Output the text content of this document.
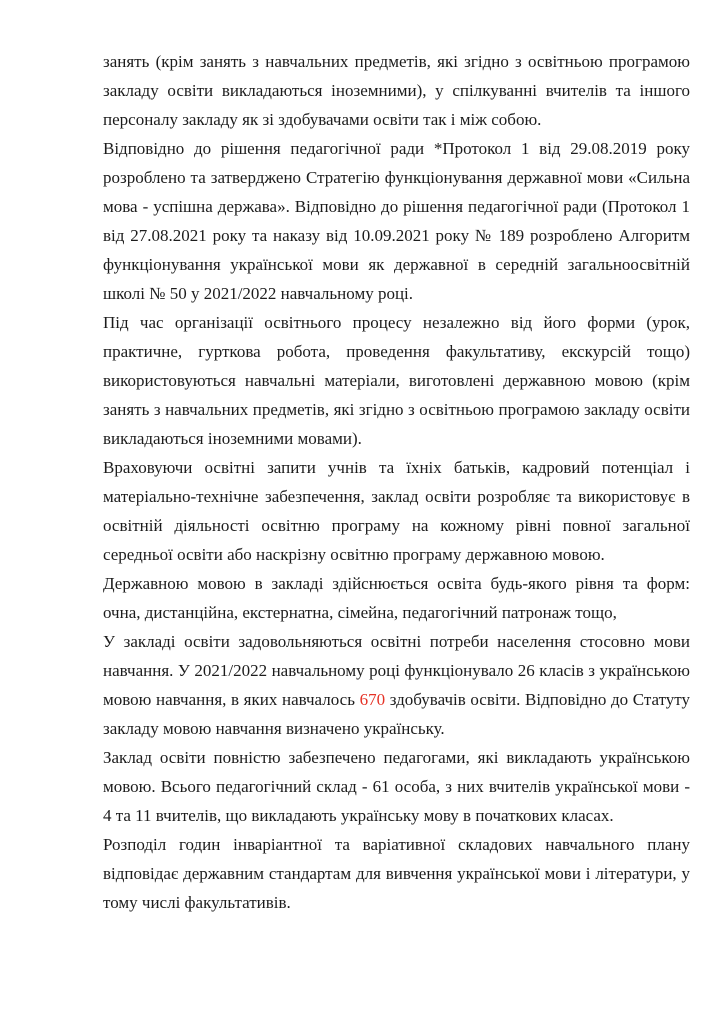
занять (крім занять з навчальних предметів, які згідно з освітньою програмою закладу освіти викладаються іноземними), у спілкуванні вчителів та іншого персоналу закладу як зі здобувачами освіти так і між собою.

Відповідно до рішення педагогічної ради *Протокол 1 від 29.08.2019 року розроблено та затверджено Стратегію функціонування державної мови «Сильна мова - успішна держава». Відповідно до рішення педагогічної ради (Протокол 1 від 27.08.2021 року та наказу від 10.09.2021 року № 189 розроблено Алгоритм функціонування української мови як державної в середній загальноосвітній школі № 50 у 2021/2022 навчальному році.

Під час організації освітнього процесу незалежно від його форми (урок, практичне, гурткова робота, проведення факультативу, екскурсій тощо) використовуються навчальні матеріали, виготовлені державною мовою (крім занять з навчальних предметів, які згідно з освітньою програмою закладу освіти викладаються іноземними мовами).

Враховуючи освітні запити учнів та їхніх батьків, кадровий потенціал і матеріально-технічне забезпечення, заклад освіти розробляє та використовує в освітній діяльності освітню програму на кожному рівні повної загальної середньої освіти або наскрізну освітню програму державною мовою.

Державною мовою в закладі здійснюється освіта будь-якого рівня та форм: очна, дистанційна, екстернатна, сімейна, педагогічний патронаж тощо,

У закладі освіти задовольняються освітні потреби населення стосовно мови навчання. У 2021/2022 навчальному році функціонувало 26 класів з українською мовою навчання, в яких навчалось 670 здобувачів освіти. Відповідно до Статуту закладу мовою навчання визначено українську.

Заклад освіти повністю забезпечено педагогами, які викладають українською мовою. Всього педагогічний склад - 61 особа, з них вчителів української мови - 4 та 11 вчителів, що викладають українську мову в початкових класах.

Розподіл годин інваріантної та варіативної складових навчального плану відповідає державним стандартам для вивчення української мови і літератури, у тому числі факультативів.
